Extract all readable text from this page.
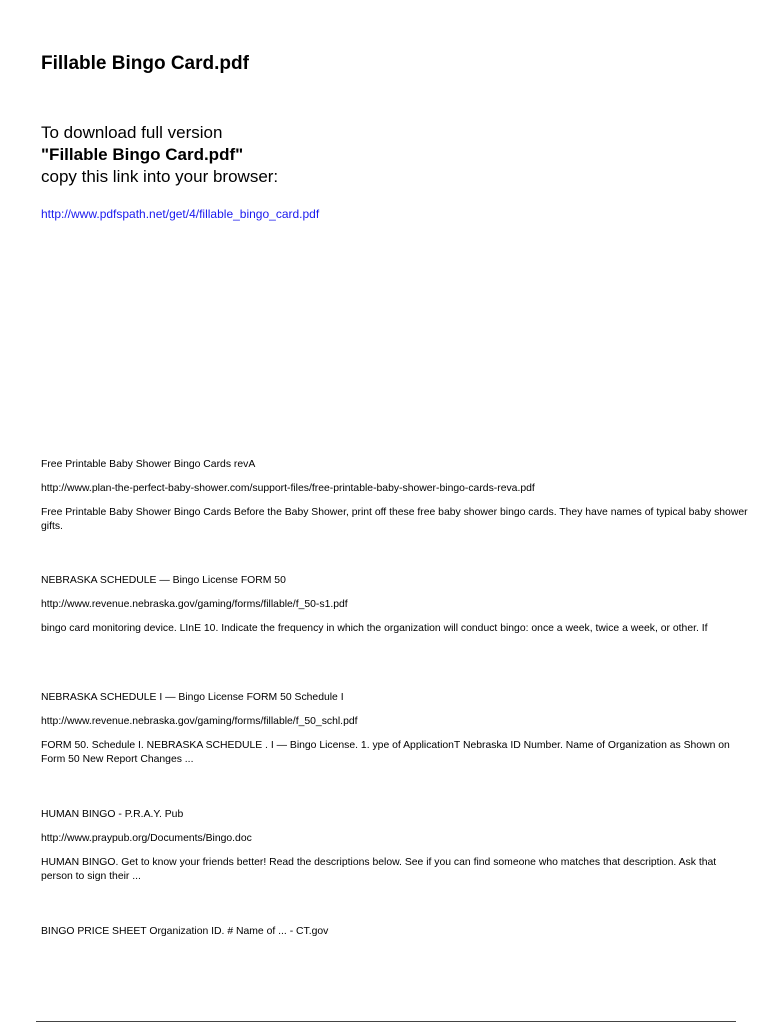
Fillable Bingo Card.pdf
To download full version
"Fillable Bingo Card.pdf"
copy this link into your browser:
http://www.pdfspath.net/get/4/fillable_bingo_card.pdf
Free Printable Baby Shower Bingo Cards revA
http://www.plan-the-perfect-baby-shower.com/support-files/free-printable-baby-shower-bingo-cards-reva.pdf
Free Printable Baby Shower Bingo Cards Before the Baby Shower, print off these free baby shower bingo cards. They have names of typical baby shower gifts.
NEBRASKA SCHEDULE — Bingo License FORM 50
http://www.revenue.nebraska.gov/gaming/forms/fillable/f_50-s1.pdf
bingo card monitoring device. LInE 10. Indicate the frequency in which the organization will conduct bingo: once a week, twice a week, or other. If
NEBRASKA SCHEDULE I — Bingo License FORM 50 Schedule I
http://www.revenue.nebraska.gov/gaming/forms/fillable/f_50_schl.pdf
FORM 50. Schedule I. NEBRASKA SCHEDULE . I — Bingo License. 1. ype of ApplicationT Nebraska ID Number. Name of Organization as Shown on Form 50 New Report Changes ...
HUMAN BINGO - P.R.A.Y. Pub
http://www.praypub.org/Documents/Bingo.doc
HUMAN BINGO. Get to know your friends better! Read the descriptions below. See if you can find someone who matches that description. Ask that person to sign their ...
BINGO PRICE SHEET Organization ID. # Name of ... - CT.gov
